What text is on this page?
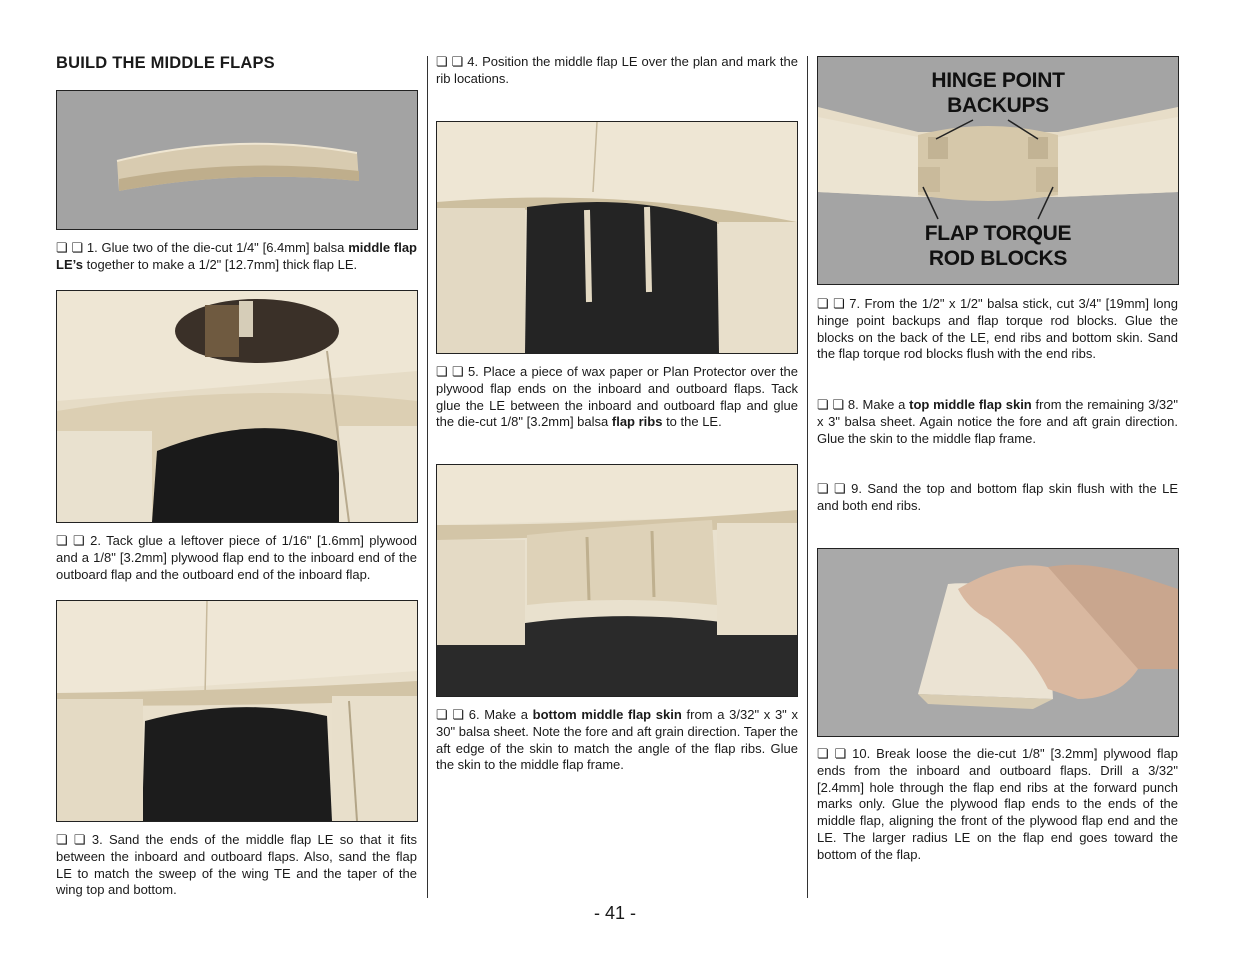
BUILD THE MIDDLE FLAPS
❏ ❏ 1. Glue two of the die-cut 1/4" [6.4mm] balsa middle flap LE’s together to make a 1/2" [12.7mm] thick flap LE.
❏ ❏ 2. Tack glue a leftover piece of 1/16" [1.6mm] plywood and a 1/8" [3.2mm] plywood flap end to the inboard end of the outboard flap and the outboard end of the inboard flap.
❏ ❏ 3. Sand the ends of the middle flap LE so that it fits between the inboard and outboard flaps. Also, sand the flap LE to match the sweep of the wing TE and the taper of the wing top and bottom.
❏ ❏ 4. Position the middle flap LE over the plan and mark the rib locations.
❏ ❏ 5. Place a piece of wax paper or Plan Protector over the plywood flap ends on the inboard and outboard flaps. Tack glue the LE between the inboard and outboard flap and glue the die-cut 1/8" [3.2mm] balsa flap ribs to the LE.
❏ ❏ 6. Make a bottom middle flap skin from a 3/32" x 3" x 30" balsa sheet. Note the fore and aft grain direction. Taper the aft edge of the skin to match the angle of the flap ribs. Glue the skin to the middle flap frame.
- 41 -
HINGE POINT
BACKUPS
FLAP TORQUE
ROD BLOCKS
❏ ❏ 7. From the 1/2" x 1/2" balsa stick, cut 3/4" [19mm] long hinge point backups and flap torque rod blocks. Glue the blocks on the back of the LE, end ribs and bottom skin. Sand the flap torque rod blocks flush with the end ribs.
❏ ❏ 8. Make a top middle flap skin from the remaining 3/32" x 3" balsa sheet. Again notice the fore and aft grain direction. Glue the skin to the middle flap frame.
❏ ❏ 9. Sand the top and bottom flap skin flush with the LE and both end ribs.
❏ ❏ 10. Break loose the die-cut 1/8" [3.2mm] plywood flap ends from the inboard and outboard flaps. Drill a 3/32" [2.4mm] hole through the flap end ribs at the forward punch marks only. Glue the plywood flap ends to the ends of the middle flap, aligning the front of the plywood flap end and the LE. The larger radius LE on the flap end goes toward the bottom of the flap.
